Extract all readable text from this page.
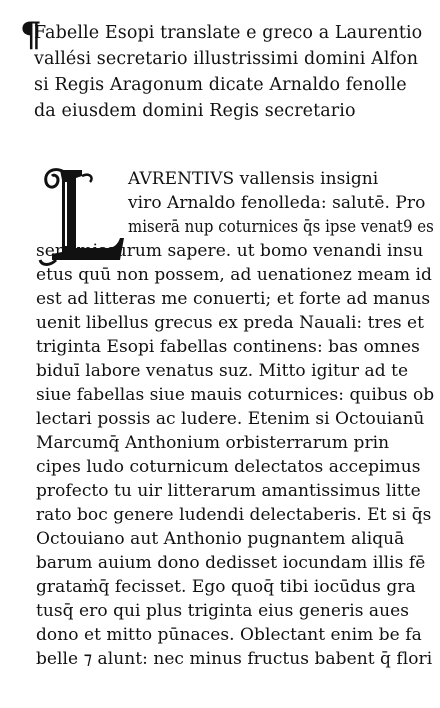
¶
Fabelle Esopi translate e greco a Laurentio
vallési secretario illustrissimi domini Alfon
si Regis Aragonum dicate Arnaldo fenolle
da eiusdem domini Regis secretario
AVRENTIVS vallensis insigni
viro Arnaldo fenolleda: salutē. Pro
miserā nup coturnices q̄s ipse venat9 es
sem missurum sapere. ut bomo venandi insu
etus quū non possem, ad uenationez meam id
est ad litteras me conuerti; et forte ad manus
uenit libellus grecus ex preda Nauali: tres et
triginta Esopi fabellas continens: bas omnes
biduī labore venatus suz. Mitto igitur ad te
siue fabellas siue mauis coturnices: quibus ob
lectari possis ac ludere. Etenim si Octouianū
Marcumq̄ Anthonium orbisterrarum prin
cipes ludo coturnicum delectatos accepimus
profecto tu uir litterarum amantissimus litte
rato boc genere ludendi delectaberis. Et si q̄s
Octouiano aut Anthonio pugnantem aliquā
barum auium dono dedisset iocundam illis fē
grataṁq̄ fecisset. Ego quoq̄ tibi iocūdus gra
tusq̄ ero qui plus triginta eius generis aues
dono et mitto pūnaces. Oblectant enim be fa
belle ⁊ alunt: nec minus fructus babent q̄ flori
